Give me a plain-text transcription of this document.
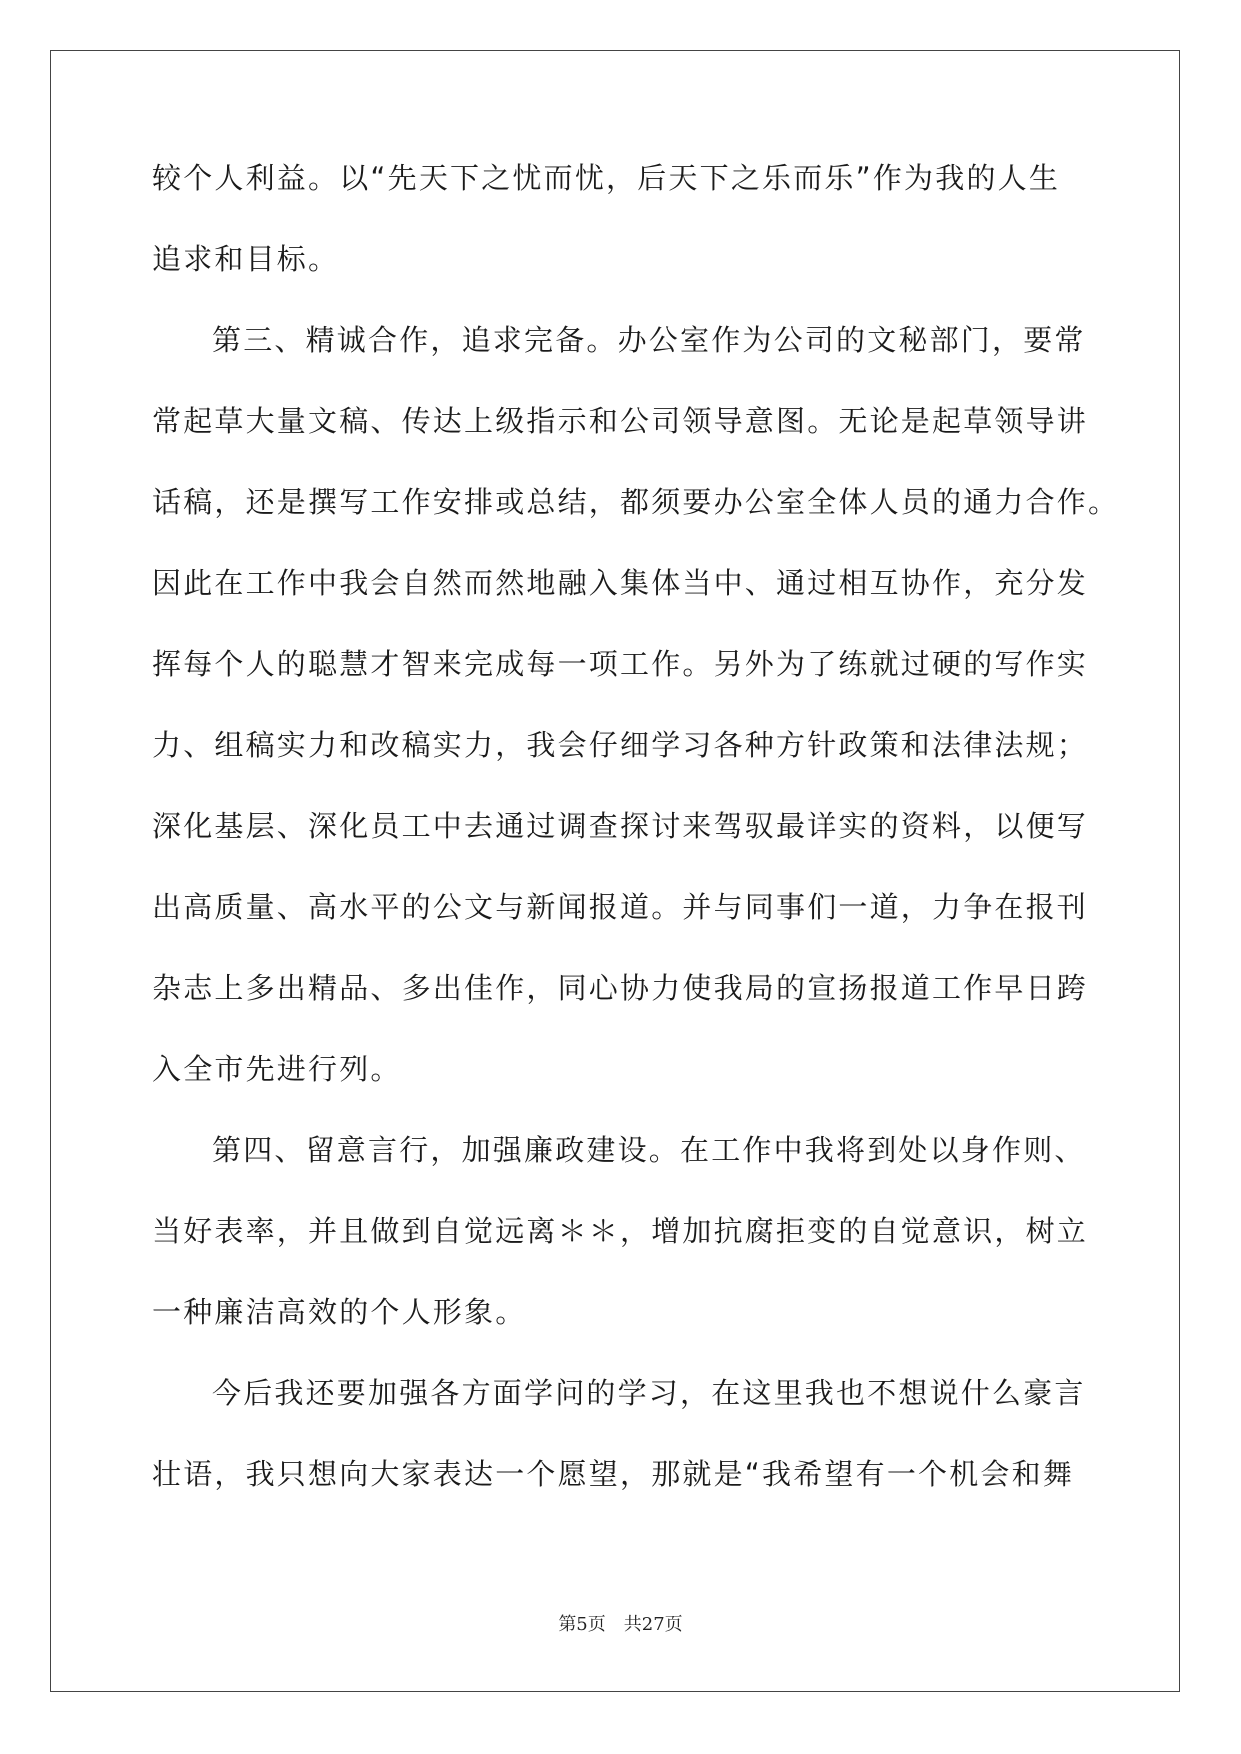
较个人利益。以“先天下之忧而忧，后天下之乐而乐”作为我的人生
追求和目标。
第三、精诚合作，追求完备。办公室作为公司的文秘部门，要常
常起草大量文稿、传达上级指示和公司领导意图。无论是起草领导讲
话稿，还是撰写工作安排或总结，都须要办公室全体人员的通力合作。
因此在工作中我会自然而然地融入集体当中、通过相互协作，充分发
挥每个人的聪慧才智来完成每一项工作。另外为了练就过硬的写作实
力、组稿实力和改稿实力，我会仔细学习各种方针政策和法律法规；
深化基层、深化员工中去通过调查探讨来驾驭最详实的资料，以便写
出高质量、高水平的公文与新闻报道。并与同事们一道，力争在报刊
杂志上多出精品、多出佳作，同心协力使我局的宣扬报道工作早日跨
入全市先进行列。
第四、留意言行，加强廉政建设。在工作中我将到处以身作则、
当好表率，并且做到自觉远离＊＊，增加抗腐拒变的自觉意识，树立
一种廉洁高效的个人形象。
今后我还要加强各方面学问的学习，在这里我也不想说什么豪言
壮语，我只想向大家表达一个愿望，那就是“我希望有一个机会和舞
第5页 共27页
